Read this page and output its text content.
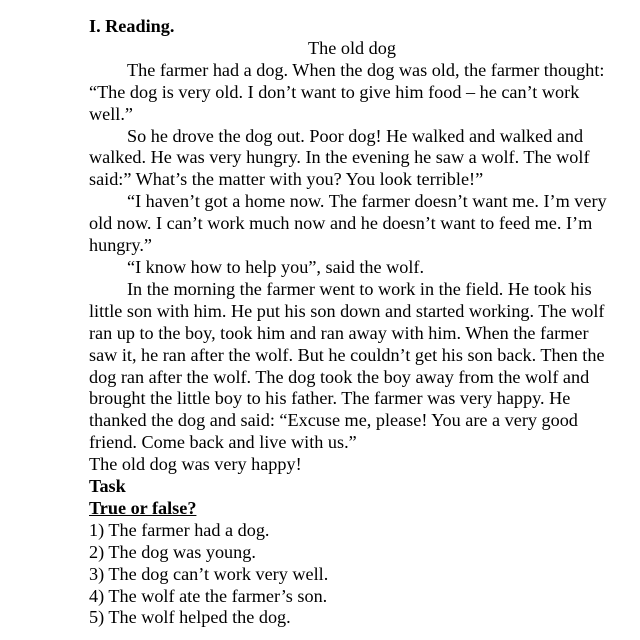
I. Reading.

The old dog

The farmer had a dog. When the dog was old, the farmer thought: “The dog is very old. I don’t want to give him food – he can’t work well.”

So he drove the dog out. Poor dog! He walked and walked and walked. He was very hungry. In the evening he saw a wolf. The wolf said:” What’s the matter with you? You look terrible!”

“I haven’t got a home now. The farmer doesn’t want me. I’m very old now. I can’t work much now and he doesn’t want to feed me. I’m hungry.”

“I know how to help you”, said the wolf.

In the morning the farmer went to work in the field. He took his little son with him. He put his son down and started working. The wolf ran up to the boy, took him and ran away with him. When the farmer saw it, he ran after the wolf. But he couldn’t get his son back. Then the dog ran after the wolf. The dog took the boy away from the wolf and brought the little boy to his father. The farmer was very happy. He thanked the dog and said: “Excuse me, please! You are a very good friend. Come back and live with us.”

The old dog was very happy!

Task

True or false?

1) The farmer had a dog.
2) The dog was young.
3) The dog can’t work very well.
4) The wolf ate the farmer’s son.
5) The wolf helped the dog.
